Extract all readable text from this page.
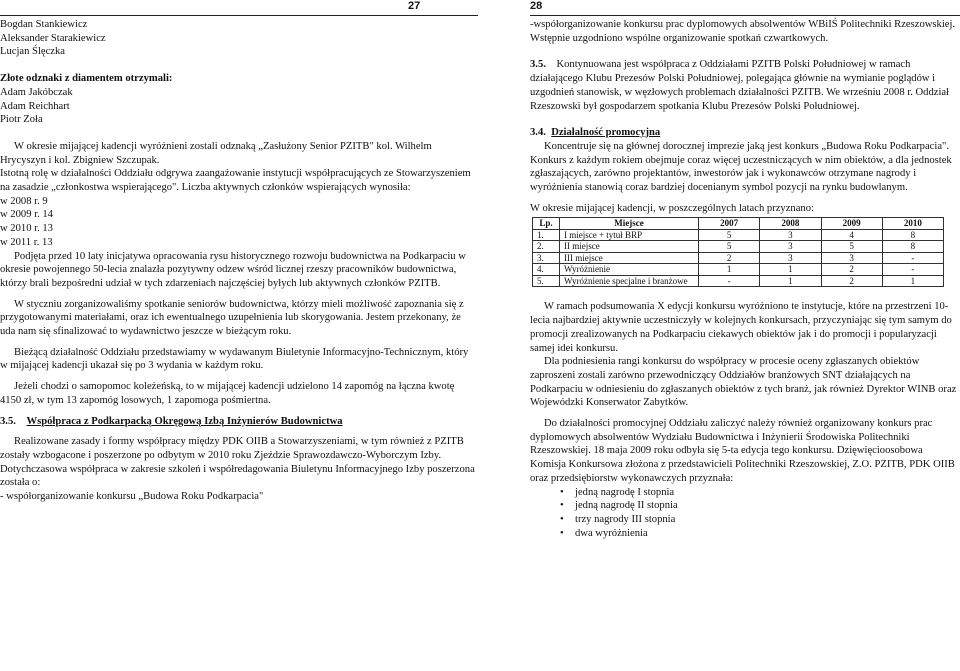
27	28

Bogdan Stankiewicz

Aleksander Starakiewicz

Lucjan Ślęczka

Złote odznaki z diamentem otrzymali:

Adam Jakóbczak

Adam Reichhart

Piotr Zoła

W okresie mijającej kadencji wyróżnieni zostali odznaką „Zasłużony Senior PZITB" kol. Wilhelm Hrycyszyn i kol. Zbigniew Szczupak.

Istotną rolę w działalności Oddziału odgrywa zaangażowanie instytucji współpracujących ze Stowarzyszeniem na zasadzie „członkostwa wspierającego". Liczba aktywnych członków wspierających wynosiła:

w 2008 r. 9

w 2009 r. 14

w 2010 r. 13

w 2011 r. 13

Podjęta przed 10 laty inicjatywa opracowania rysu historycznego rozwoju budownictwa na Podkarpaciu w okresie powojennego 50-lecia znalazła pozytywny odzew wśród licznej rzeszy pracowników budownictwa, którzy brali bezpośredni udział w tych zdarzeniach najczęściej byłych lub aktywnych członków PZITB.

W styczniu zorganizowaliśmy spotkanie seniorów budownictwa, którzy mieli możliwość zapoznania się z przygotowanymi materiałami, oraz ich ewentualnego uzupełnienia lub skorygowania. Jestem przekonany, że uda nam się sfinalizować to wydawnictwo jeszcze w bieżącym roku.

Bieżącą działalność Oddziału przedstawiamy w wydawanym Biuletynie Informacyjno-Technicznym, który w mijającej kadencji ukazał się po 3 wydania w każdym roku.

Jeżeli chodzi o samopomoc koleżeńską, to w mijającej kadencji udzielono 14 zapomóg na łączna kwotę 4150 zł, w tym 13 zapomóg losowych, 1 zapomoga pośmiertna.

3.5. Współpraca z Podkarpacką Okręgową Izbą Inżynierów Budownictwa

Realizowane zasady i formy współpracy między PDK OIIB a Stowarzyszeniami, w tym również z PZITB zostały wzbogacone i poszerzone po odbytym w 2010 roku Zjeździe Sprawozdawczo-Wyborczym Izby.

Dotychczasowa współpraca w zakresie szkoleń i współredagowania Biuletynu Informacyjnego Izby poszerzona została o:

- współorganizowanie konkursu „Budowa Roku Podkarpacia"

-współorganizowanie konkursu prac dyplomowych absolwentów WBiIŚ Politechniki Rzeszowskiej.

Wstępnie uzgodniono wspólne organizowanie spotkań czwartkowych.

3.5. Kontynuowana jest współpraca z Oddziałami PZITB Polski Południowej w ramach działającego Klubu Prezesów Polski Południowej, polegająca głównie na wymianie poglądów i uzgodnień stanowisk, w węzłowych problemach działalności PZITB. We wrześniu 2008 r. Oddział Rzeszowski był gospodarzem spotkania Klubu Prezesów Polski Południowej.

3.4. Działalność promocyjna

Koncentruje się na głównej dorocznej imprezie jaką jest konkurs „Budowa Roku Podkarpacia". Konkurs z każdym rokiem obejmuje coraz więcej uczestniczących w nim obiektów, a dla jednostek zgłaszających, zarówno projektantów, inwestorów jak i wykonawców otrzymane nagrody i wyróżnienia stanowią coraz bardziej docenianym symbol pozycji na rynku budowlanym.

W okresie mijającej kadencji, w poszczególnych latach przyznano:

Lp.	Miejsce	2007	2008	2009	2010
1.	I miejsce + tytuł BRP	5	3	4	8
2.	II miejsce	5	3	5	8
3.	III miejsce	2	3	3	-
4.	Wyróżnienie	1	1	2	-
5.	Wyróżnienie specjalne i branżowe	-	1	2	1

W ramach podsumowania X edycji konkursu wyróżniono te instytucje, które na przestrzeni 10-lecia najbardziej aktywnie uczestniczyły w kolejnych konkursach, przyczyniając się tym samym do promocji zrealizowanych na Podkarpaciu ciekawych obiektów jak i do promocji i popularyzacji samej idei konkursu.

Dla podniesienia rangi konkursu do współpracy w procesie oceny zgłaszanych obiektów zaproszeni zostali zarówno przewodniczący Oddziałów branżowych SNT działających na Podkarpaciu w odniesieniu do zgłaszanych obiektów z tych branż, jak również Dyrektor WINB oraz Wojewódzki Konserwator Zabytków.

Do działalności promocyjnej Oddziału zaliczyć należy również organizowany konkurs prac dyplomowych absolwentów Wydziału Budownictwa i Inżynierii Środowiska Politechniki Rzeszowskiej. 18 maja 2009 roku odbyła się 5-ta edycja tego konkursu. Dzięwięcioosobowa Komisja Konkursowa złożona z przedstawicieli Politechniki Rzeszowskiej, Z.O. PZITB, PDK OIIB oraz przedsiębiorstw wykonawczych przyznała:

• jedną nagrodę I stopnia
• jedną nagrodę II stopnia
• trzy nagrody III stopnia
• dwa wyróżnienia
